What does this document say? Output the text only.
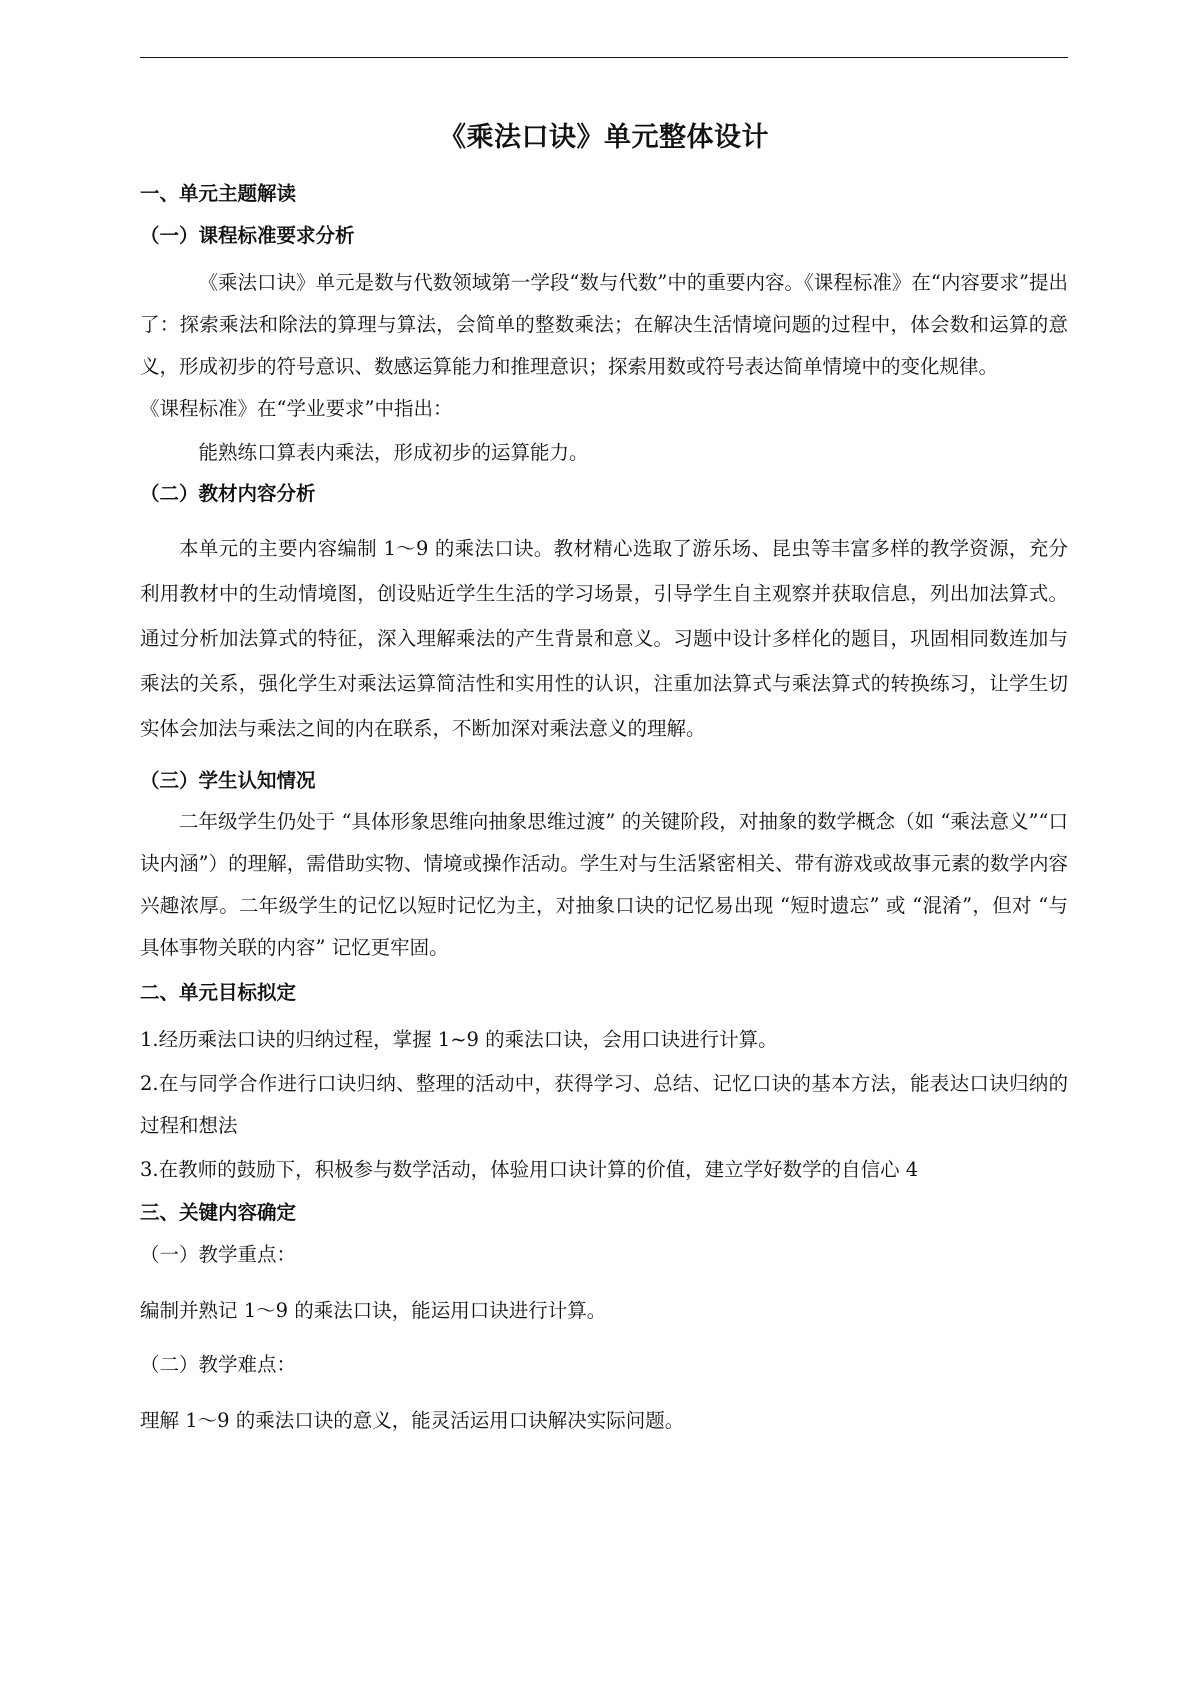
《乘法口诀》单元整体设计
一、单元主题解读
（一）课程标准要求分析

《乘法口诀》单元是数与代数领域第一学段“数与代数”中的重要内容。《课程标准》在“内容要求”提出了：探索乘法和除法的算理与算法，会简单的整数乘法；在解决生活情境问题的过程中，体会数和运算的意义，形成初步的符号意识、数感运算能力和推理意识；探索用数或符号表达简单情境中的变化规律。

《课程标准》在“学业要求”中指出：

能熟练口算表内乘法，形成初步的运算能力。

（二）教材内容分析

本单元的主要内容编制 1～9 的乘法口诀。教材精心选取了游乐场、昆虫等丰富多样的教学资源，充分利用教材中的生动情境图，创设贴近学生生活的学习场景，引导学生自主观察并获取信息，列出加法算式。通过分析加法算式的特征，深入理解乘法的产生背景和意义。习题中设计多样化的题目，巩固相同数连加与乘法的关系，强化学生对乘法运算简洁性和实用性的认识，注重加法算式与乘法算式的转换练习，让学生切实体会加法与乘法之间的内在联系，不断加深对乘法意义的理解。

（三）学生认知情况

二年级学生仍处于 “具体形象思维向抽象思维过渡” 的关键阶段，对抽象的数学概念（如 “乘法意义”“口诀内涵”）的理解，需借助实物、情境或操作活动。学生对与生活紧密相关、带有游戏或故事元素的数学内容兴趣浓厚。二年级学生的记忆以短时记忆为主，对抽象口诀的记忆易出现 “短时遗忘” 或 “混淆”，但对 “与具体事物关联的内容” 记忆更牢固。

二、单元目标拟定

1.经历乘法口诀的归纳过程，掌握 1~9 的乘法口诀，会用口诀进行计算。

2.在与同学合作进行口诀归纳、整理的活动中，获得学习、总结、记忆口诀的基本方法，能表达口诀归纳的过程和想法

3.在教师的鼓励下，积极参与数学活动，体验用口诀计算的价值，建立学好数学的自信心 4

三、关键内容确定
（一）教学重点：

编制并熟记 1～9 的乘法口诀，能运用口诀进行计算。

（二）教学难点：

理解 1～9 的乘法口诀的意义，能灵活运用口诀解决实际问题。
